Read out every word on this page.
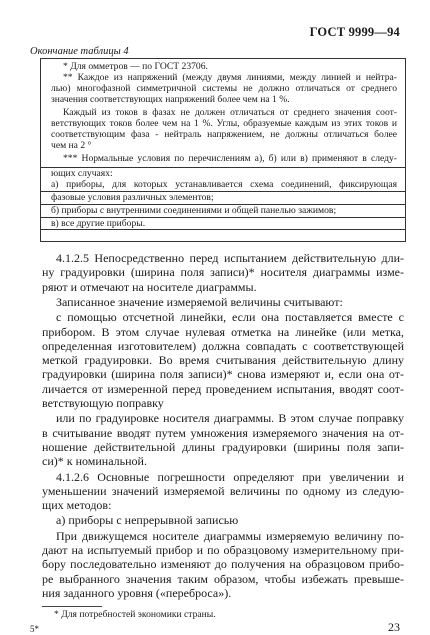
ГОСТ 9999—94
Окончание таблицы 4
* Для омметров — по ГОСТ 23706.
** Каждое из напряжений (между двумя линиями, между линией и нейтра-
лью) многофазной симметричной системы не должно отличаться от среднего
значения соответствующих напряжений более чем на 1 %.
Каждый из токов в фазах не должен отличаться от среднего значения соот-
ветствующих токов более чем на 1 %. Углы, образуемые каждым из этих токов и
соответствующим фаза - нейтраль напряжением, не должны отличаться более
чем на 2 °
*** Нормальные условия по перечислениям а), б) или в) применяют в следу-
ющих случаях:
а) приборы, для которых устанавливается схема соединений, фиксирующая
фазовые условия различных элементов;
б) приборы с внутренними соединениями и общей панелью зажимов;
в) все другие приборы.
4.1.2.5 Непосредственно перед испытанием действительную дли-
ну градуировки (ширина поля записи)* носителя диаграммы изме-
ряют и отмечают на носителе диаграммы.
Записанное значение измеряемой величины считывают:
с помощью отсчетной линейки, если она поставляется вместе с
прибором. В этом случае нулевая отметка на линейке (или метка,
определенная изготовителем) должна совпадать с соответствующей
меткой градуировки. Во время считывания действительную длину
градуировки (ширина поля записи)* снова измеряют и, если она от-
личается от измеренной перед проведением испытания, вводят соот-
ветствующую поправку
или по градуировке носителя диаграммы. В этом случае поправку
в считывание вводят путем умножения измеряемого значения на от-
ношение действительной длины градуировки (ширины поля запи-
си)* к номинальной.
4.1.2.6 Основные погрешности определяют при увеличении и
уменьшении значений измеряемой величины по одному из следую-
щих методов:
а) приборы с непрерывной записью
При движущемся носителе диаграммы измеряемую величину по-
дают на испытуемый прибор и по образцовому измерительному при-
бору последовательно изменяют до получения на образцовом прибо-
ре выбранного значения таким образом, чтобы избежать превыше-
ния заданного уровня («переброса»).
5*	23
* Для потребностей экономики страны.
